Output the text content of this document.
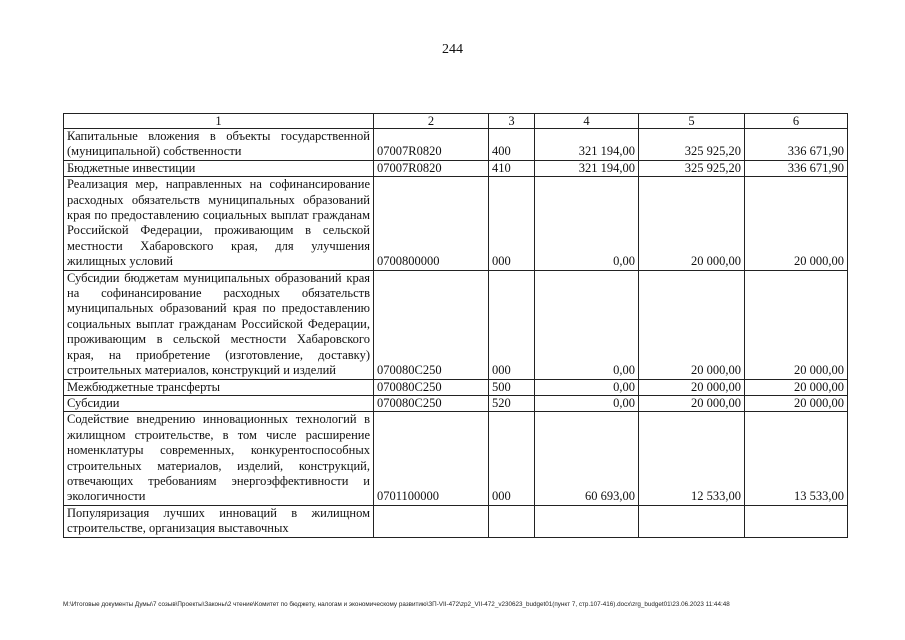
244
1	2	3	4	5	6
Капитальные вложения в объекты государственной (муниципальной) собственности	07007R0820	400	321 194,00	325 925,20	336 671,90
Бюджетные инвестиции	07007R0820	410	321 194,00	325 925,20	336 671,90
Реализация мер, направленных на софинансирование расходных обязательств муниципальных образований края по предоставлению социальных выплат гражданам Российской Федерации, проживающим в сельской местности Хабаровского края, для улучшения жилищных условий	0700800000	000	0,00	20 000,00	20 000,00
Субсидии бюджетам муниципальных образований края на софинансирование расходных обязательств муниципальных образований края по предоставлению социальных выплат гражданам Российской Федерации, проживающим в сельской местности Хабаровского края, на приобретение (изготовление, доставку) строительных материалов, конструкций и изделий	070080C250	000	0,00	20 000,00	20 000,00
Межбюджетные трансферты	070080C250	500	0,00	20 000,00	20 000,00
Субсидии	070080C250	520	0,00	20 000,00	20 000,00
Содействие внедрению инновационных технологий в жилищном строительстве, в том числе расширение номенклатуры современных, конкурентоспособных строительных материалов, изделий, конструкций, отвечающих требованиям энергоэффективности и экологичности	0701100000	000	60 693,00	12 533,00	13 533,00
Популяризация лучших инноваций в жилищном строительстве, организация выставочных					
M:\Итоговые документы Думы\7 созыв\Проекты\Законы\2 чтение\Комитет по бюджету, налогам и экономическому развитию\ЗП-VII-472\zp2_VII-472_v230623_budget01(пункт 7, стр.107-416).docx\zrg_budget01\23.06.2023 11:44:48
